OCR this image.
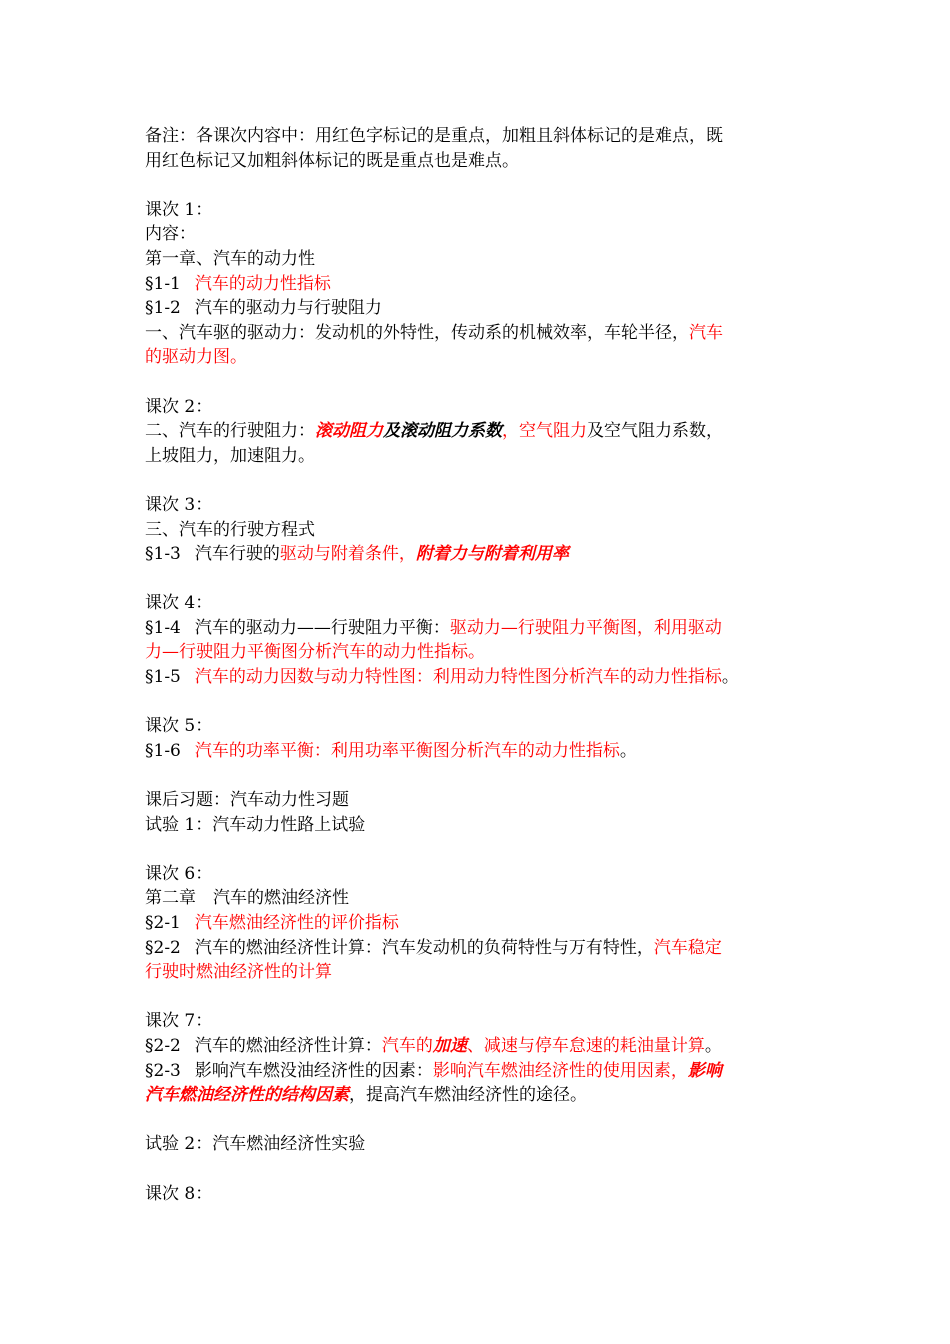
备注：各课次内容中：用红色字标记的是重点，加粗且斜体标记的是难点，既
用红色标记又加粗斜体标记的既是重点也是难点。
课次 1：
内容：
第一章、汽车的动力性
§1-1 汽车的动力性指标
§1-2 汽车的驱动力与行驶阻力
一、汽车驱的驱动力：发动机的外特性，传动系的机械效率，车轮半径，汽车
的驱动力图。
课次 2：
二、汽车的行驶阻力：滚动阻力及滚动阻力系数，空气阻力及空气阻力系数，
上坡阻力，加速阻力。
课次 3：
三、汽车的行驶方程式
§1-3 汽车行驶的驱动与附着条件，附着力与附着利用率
课次 4：
§1-4 汽车的驱动力——行驶阻力平衡：驱动力—行驶阻力平衡图，利用驱动
力—行驶阻力平衡图分析汽车的动力性指标。
§1-5 汽车的动力因数与动力特性图：利用动力特性图分析汽车的动力性指标。
课次 5：
§1-6 汽车的功率平衡：利用功率平衡图分析汽车的动力性指标。
课后习题：汽车动力性习题
试验 1：汽车动力性路上试验
课次 6：
第二章　汽车的燃油经济性
§2-1 汽车燃油经济性的评价指标
§2-2 汽车的燃油经济性计算：汽车发动机的负荷特性与万有特性，汽车稳定
行驶时燃油经济性的计算
课次 7：
§2-2 汽车的燃油经济性计算：汽车的加速、减速与停车怠速的耗油量计算。
§2-3 影响汽车燃没油经济性的因素：影响汽车燃油经济性的使用因素，影响
汽车燃油经济性的结构因素，提高汽车燃油经济性的途径。
试验 2：汽车燃油经济性实验
课次 8：
